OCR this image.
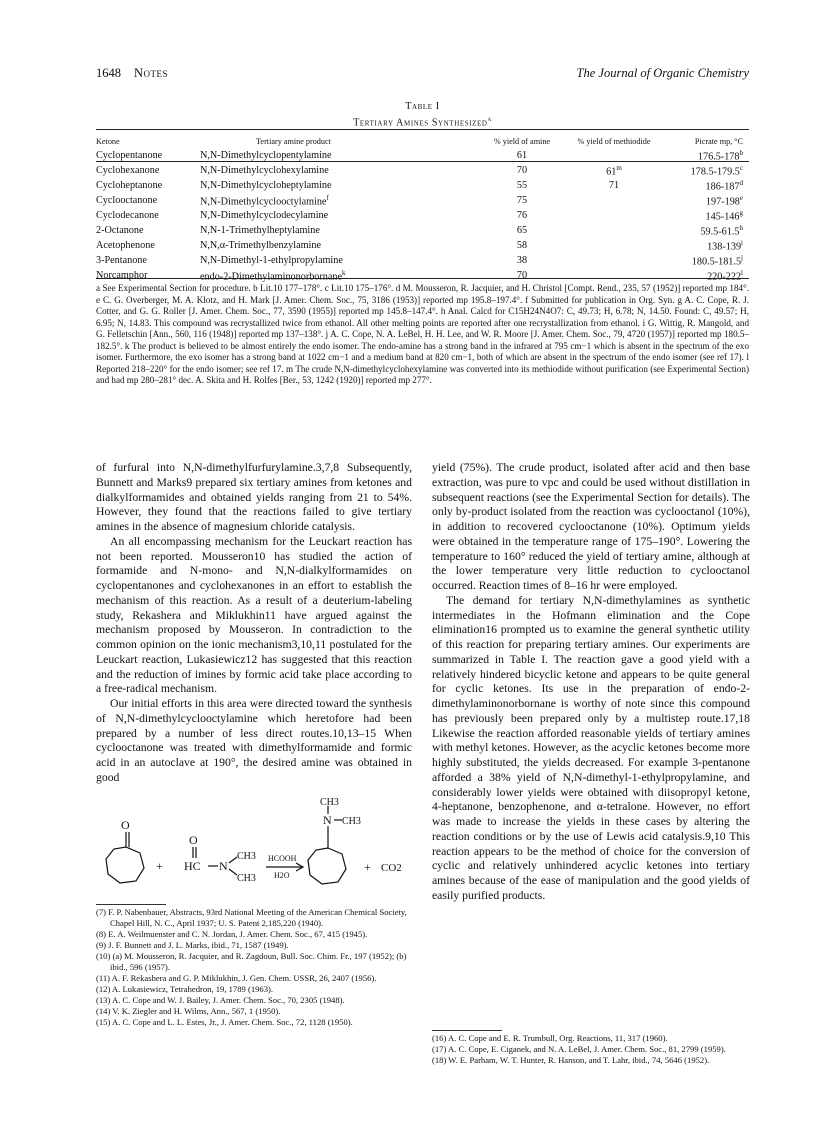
1648 Notes	The Journal of Organic Chemistry
Table I
Tertiary Amines Synthesized$^a$
Ketone	Tertiary amine product	% yield of amine	% yield of methiodide	Picrate mp, °C
Cyclopentanone	N,N-Dimethylcyclopentylamine	61		176.5-178$^b$
Cyclohexanone	N,N-Dimethylcyclohexylamine	70	61$^m$	178.5-179.5$^c$
Cycloheptanone	N,N-Dimethylcycloheptylamine	55	71	186-187$^d$
Cyclooctanone	N,N-Dimethylcyclooctylamine$^f$	75		197-198e
Cyclodecanone	N,N-Dimethylcyclodecylamine	76		145-146$^g$
2-Octanone	N,N-1-Trimethylheptylamine	65		59.5-61.5$^h$
Acetophenone	N,N,α-Trimethylbenzylamine	58		138-139$^i$
3-Pentanone	N,N-Dimethyl-1-ethylpropylamine	38		180.5-181.5$^j$
Norcamphor	endo-2-Dimethylaminonorbornane$^k$	70		220-222$^l$
a See Experimental Section for procedure. b Lit.10 177–178°. c Lit.10 175–176°. d M. Mousseron, R. Jacquier, and H. Christol [Compt. Rend., 235, 57 (1952)] reported mp 184°. e C. G. Overberger, M. A. Klotz, and H. Mark [J. Amer. Chem. Soc., 75, 3186 (1953)] reported mp 195.8–197.4°. f Submitted for publication in Org. Syn. g A. C. Cope, R. J. Cotter, and G. G. Roller [J. Amer. Chem. Soc., 77, 3590 (1955)] reported mp 145.8–147.4°. h Anal. Calcd for C15H24N4O7: C, 49.73; H, 6.78; N, 14.50. Found: C, 49.57; H, 6.95; N, 14.83. This compound was recrystallized twice from ethanol. All other melting points are reported after one recrystallization from ethanol. i G. Wittig, R. Mangold, and G. Felletschin [Ann., 560, 116 (1948)] reported mp 137–138°. j A. C. Cope, N. A. LeBel, H. H. Lee, and W. R. Moore [J. Amer. Chem. Soc., 79, 4720 (1957)] reported mp 180.5–182.5°. k The product is believed to be almost entirely the endo isomer. The endo-amine has a strong band in the infrared at 795 cm−1 which is absent in the spectrum of the exo isomer. Furthermore, the exo isomer has a strong band at 1022 cm−1 and a medium band at 820 cm−1, both of which are absent in the spectrum of the endo isomer (see ref 17). l Reported 218–220° for the endo isomer; see ref 17. m The crude N,N-dimethylcyclohexylamine was converted into its methiodide without purification (see Experimental Section) and had mp 280–281° dec. A. Skita and H. Rolfes [Ber., 53, 1242 (1920)] reported mp 277°.

of furfural into N,N-dimethylfurfurylamine.3,7,8 Subsequently, Bunnett and Marks9 prepared six tertiary amines from ketones and dialkylformamides and obtained yields ranging from 21 to 54%. However, they found that the reactions failed to give tertiary amines in the absence of magnesium chloride catalysis.

An all encompassing mechanism for the Leuckart reaction has not been reported. Mousseron10 has studied the action of formamide and N-mono- and N,N-dialkylformamides on cyclopentanones and cyclohexanones in an effort to establish the mechanism of this reaction. As a result of a deuterium-labeling study, Rekashera and Miklukhin11 have argued against the mechanism proposed by Mousseron. In contradiction to the common opinion on the ionic mechanism3,10,11 postulated for the Leuckart reaction, Lukasiewicz12 has suggested that this reaction and the reduction of imines by formic acid take place according to a free-radical mechanism.

Our initial efforts in this area were directed toward the synthesis of N,N-dimethylcyclooctylamine which heretofore had been prepared by a number of less direct routes.10,13–15 When cyclooctanone was treated with dimethylformamide and formic acid in an autoclave at 190°, the desired amine was obtained in good

O
+
O
HC N
CH3
CH3
HCOOH
H2O
CH3
N CH3
+ CO2
(7) F. P. Nabenbauer, Abstracts, 93rd National Meeting of the American Chemical Society, Chapel Hill, N. C., April 1937; U. S. Patent 2,185,220 (1940).
(8) E. A. Weilmuenster and C. N. Jordan, J. Amer. Chem. Soc., 67, 415 (1945).
(9) J. F. Bunnett and J. L. Marks, ibid., 71, 1587 (1949).
(10) (a) M. Mousseron, R. Jacquier, and R. Zagdoun, Bull. Soc. Chim. Fr., 197 (1952); (b) ibid., 596 (1957).
(11) A. F. Rekashera and G. P. Miklukhin, J. Gen. Chem. USSR, 26, 2407 (1956).
(12) A. Lukasiewicz, Tetrahedron, 19, 1789 (1963).
(13) A. C. Cope and W. J. Bailey, J. Amer. Chem. Soc., 70, 2305 (1948).
(14) V. K. Ziegler and H. Wilms, Ann., 567, 1 (1950).
(15) A. C. Cope and L. L. Estes, Jr., J. Amer. Chem. Soc., 72, 1128 (1950).

yield (75%). The crude product, isolated after acid and then base extraction, was pure to vpc and could be used without distillation in subsequent reactions (see the Experimental Section for details). The only by-product isolated from the reaction was cyclooctanol (10%), in addition to recovered cyclooctanone (10%). Optimum yields were obtained in the temperature range of 175–190°. Lowering the temperature to 160° reduced the yield of tertiary amine, although at the lower temperature very little reduction to cyclooctanol occurred. Reaction times of 8–16 hr were employed.

The demand for tertiary N,N-dimethylamines as synthetic intermediates in the Hofmann elimination and the Cope elimination16 prompted us to examine the general synthetic utility of this reaction for preparing tertiary amines. Our experiments are summarized in Table I. The reaction gave a good yield with a relatively hindered bicyclic ketone and appears to be quite general for cyclic ketones. Its use in the preparation of endo-2-dimethylaminonorbornane is worthy of note since this compound has previously been prepared only by a multistep route.17,18 Likewise the reaction afforded reasonable yields of tertiary amines with methyl ketones. However, as the acyclic ketones become more highly substituted, the yields decreased. For example 3-pentanone afforded a 38% yield of N,N-dimethyl-1-ethylpropylamine, and considerably lower yields were obtained with diisopropyl ketone, 4-heptanone, benzophenone, and α-tetralone. However, no effort was made to increase the yields in these cases by altering the reaction conditions or by the use of Lewis acid catalysis.9,10 This reaction appears to be the method of choice for the conversion of cyclic and relatively unhindered acyclic ketones into tertiary amines because of the ease of manipulation and the good yields of easily purified products.

(16) A. C. Cope and E. R. Trumbull, Org. Reactions, 11, 317 (1960).
(17) A. C. Cope, E. Ciganek, and N. A. LeBel, J. Amer. Chem. Soc., 81, 2799 (1959).
(18) W. E. Parham, W. T. Hunter, R. Hanson, and T. Lahr, ibid., 74, 5646 (1952).
